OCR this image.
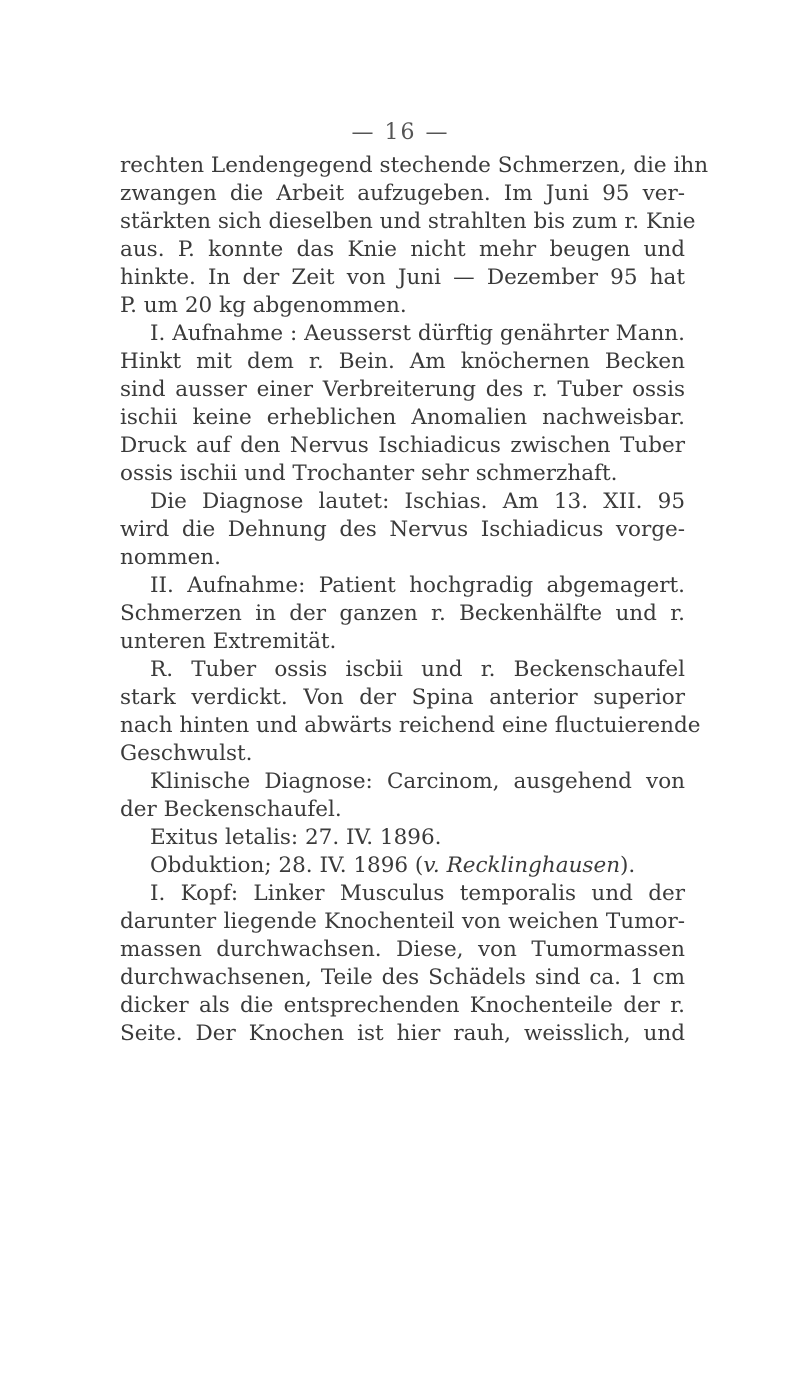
— 16 —
rechten Lendengegend stechende Schmerzen, die ihn
zwangen die Arbeit aufzugeben. Im Juni 95 ver-
stärkten sich dieselben und strahlten bis zum r. Knie
aus. P. konnte das Knie nicht mehr beugen und
hinkte. In der Zeit von Juni — Dezember 95 hat
P. um 20 kg abgenommen.
I. Aufnahme : Aeusserst dürftig genährter Mann.
Hinkt mit dem r. Bein. Am knöchernen Becken
sind ausser einer Verbreiterung des r. Tuber ossis
ischii keine erheblichen Anomalien nachweisbar.
Druck auf den Nervus Ischiadicus zwischen Tuber
ossis ischii und Trochanter sehr schmerzhaft.
Die Diagnose lautet: Ischias. Am 13. XII. 95
wird die Dehnung des Nervus Ischiadicus vorge-
nommen.
II. Aufnahme: Patient hochgradig abgemagert.
Schmerzen in der ganzen r. Beckenhälfte und r.
unteren Extremität.
R. Tuber ossis iscbii und r. Beckenschaufel
stark verdickt. Von der Spina anterior superior
nach hinten und abwärts reichend eine fluctuierende
Geschwulst.
Klinische Diagnose: Carcinom, ausgehend von
der Beckenschaufel.
Exitus letalis: 27. IV. 1896.
Obduktion; 28. IV. 1896 (v. Recklinghausen).
I. Kopf: Linker Musculus temporalis und der
darunter liegende Knochenteil von weichen Tumor-
massen durchwachsen. Diese, von Tumormassen
durchwachsenen, Teile des Schädels sind ca. 1 cm
dicker als die entsprechenden Knochenteile der r.
Seite. Der Knochen ist hier rauh, weisslich, und
